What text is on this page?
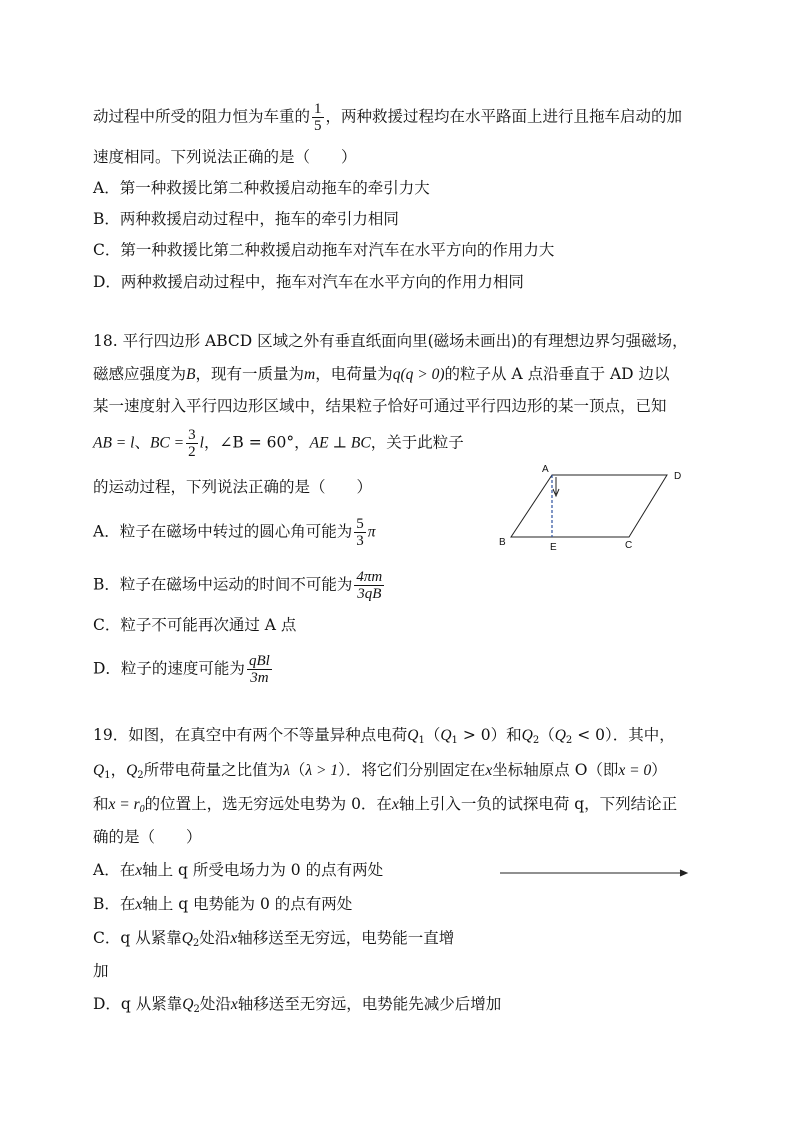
动过程中所受的阻力恒为车重的 $\frac{1}{5}$ ，两种救援过程均在水平路面上进行且拖车启动的加
速度相同。下列说法正确的是（　　）
A．第一种救援比第二种救援启动拖车的牵引力大
B．两种救援启动过程中，拖车的牵引力相同
C．第一种救援比第二种救援启动拖车对汽车在水平方向的作用力大
D．两种救援启动过程中，拖车对汽车在水平方向的作用力相同
18. 平行四边形 ABCD 区域之外有垂直纸面向里(磁场未画出)的有理想边界匀强磁场，
磁感应强度为B，现有一质量为m，电荷量为q(q > 0)的粒子从 A 点沿垂直于 AD 边以
某一速度射入平行四边形区域中，结果粒子恰好可通过平行四边形的某一顶点，已知
AB = l、BC = $\frac{3}{2}$ l，∠B = 60°，AE ⊥ BC，关于此粒子
的运动过程，下列说法正确的是（　　）
A．粒子在磁场中转过的圆心角可能为 $\frac{5}{3}$ π
B．粒子在磁场中运动的时间不可能为 $\frac{4\pi m}{3qB}$
C．粒子不可能再次通过 A 点
D．粒子的速度可能为 $\frac{\text{qBl}}{3m}$
A
D
B	E	C
19．如图，在真空中有两个不等量异种点电荷$Q_1(Q_1 > 0)$和$Q_2(Q_2 < 0)$．其中，
$Q_1$，$Q_2$所带电荷量之比值为λ（λ > 1）．将它们分别固定在x坐标轴原点 O（即x = 0）
和$x = r_0$的位置上，选无穷远处电势为 0．在x轴上引入一负的试探电荷 q，下列结论正
确的是（　　）
A．在x轴上 q 所受电场力为 0 的点有两处
B．在x轴上 q 电势能为 0 的点有两处
C．q 从紧靠$Q_2$处沿x轴移送至无穷远，电势能一直增
加
D．q 从紧靠$Q_2$处沿x轴移送至无穷远，电势能先减少后增加
